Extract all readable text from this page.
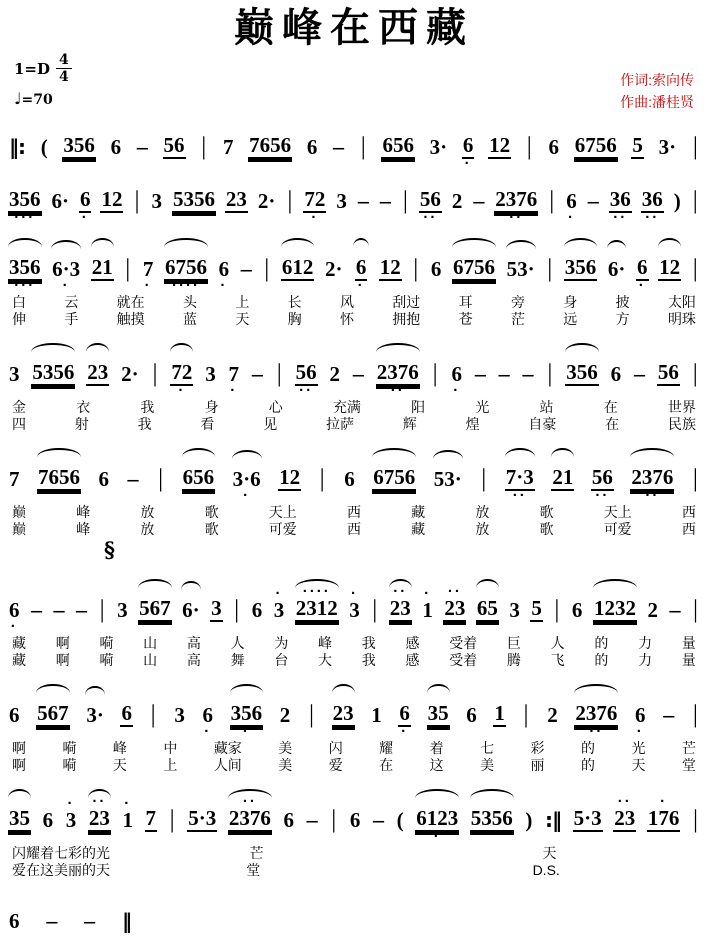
巅峰在西藏
$1=D \frac{4}{4}$
♩=70
作词:索向传
作曲:潘桂贤
‖: ( 356 6 – 56 | 7 7656 6 – | 656 3· 6
·
12 | 6 6756 5 3· |
356
···
6· 6
·
12 | 3 5356 23 2· | 72
·
3 – – | 56
··
2 – 2376
··
| 6
·
– 36
··
36
··
) |
356
···
6·3
·
21 | 7
·
6756
····
6
·
– | 612 2· 6
·
12 | 6 6756 53· | 356 6· 6
·
12 |
白	云	就在	头	上	长	风	刮过	耳	旁	身	披	太阳
伸	手	触摸	蓝	天	胸	怀	拥抱	苍	茫	远	方	明珠
3 5356 23 2· | 72
·
3 7
·
– | 56
··
2 – 2376
··
| 6
·
– – – | 356 6 – 56 |
金	衣	我	身	心	充满	阳	光	站	在	世界
四	射	我	看	见	拉萨	辉	煌	自豪	在	民族
7 7656 6 – | 656 3·6
·
12 | 6 6756 53· | 7·3
··
21 56
··
2376
··
|
巅	峰	放	歌	天上	西	藏	放	歌	天上	西
巅	峰	放	歌	可爱	西	藏	放	歌	可爱	西
§
6
·
– – – | 3 567 6· 3 | 6
·
3
····
2312
·
3 |
··
23
·
1
··
23 65 3 5 | 6 1232 2 – |
藏 啊 嗬 山 高 人 为 峰 我 感 受着 巨 人 的 力 量
藏 啊 嗬 山 高 舞 台 大 我 感 受着 腾 飞 的 力 量
6 567 3· 6 | 3 6
·
356
·
2 | 23 1 6
·
35 6 1 | 2 2376
··
6
·
– |
啊	嗬	峰	中	藏家	美	闪	耀	着	七	彩	的	光	芒
啊	嗬	天	上	人间	美	爱	在	这	美	丽	的	天	堂
35 6
·
3
··
23
·
1 7 | 5·3
··
2376 6 – | 6 – ( 6123
·
5356 ) :‖ 5·3
··
23
·
176 |
闪 耀 着 七 彩 的 光	芒	天
爱 在 这 美 丽 的 天	堂	D.S.
6 – – ‖
